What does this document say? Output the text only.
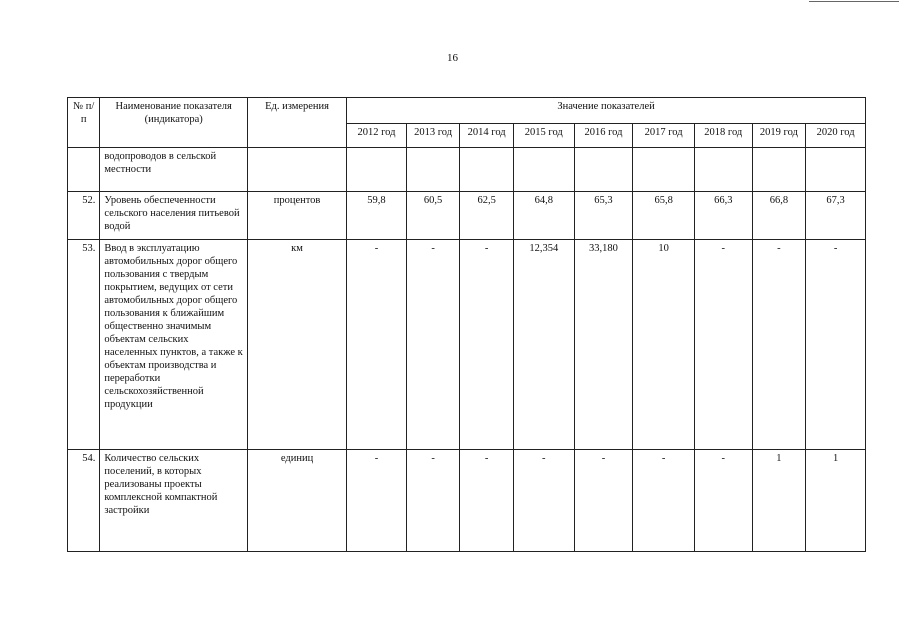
16
№ п/п	Наименование показателя (индикатора)	Ед. измерения	Значение показателей								
			2012 год	2013 год	2014 год	2015 год	2016 год	2017 год	2018 год	2019 год	2020 год
	водопроводов в сельской местности										
52.	Уровень обеспеченности сельского населения питьевой водой	процентов	59,8	60,5	62,5	64,8	65,3	65,8	66,3	66,8	67,3
53.	Ввод в эксплуатацию автомобильных дорог общего пользования с твердым покрытием, ведущих от сети автомобильных дорог общего пользования к ближайшим общественно значимым объектам сельских населенных пунктов, а также к объектам производства и переработки сельскохозяйственной продукции	км	-	-	-	12,354	33,180	10	-	-	-
54.	Количество сельских поселений, в которых реализованы проекты комплексной компактной застройки	единиц	-	-	-	-	-	-	-	1	1
